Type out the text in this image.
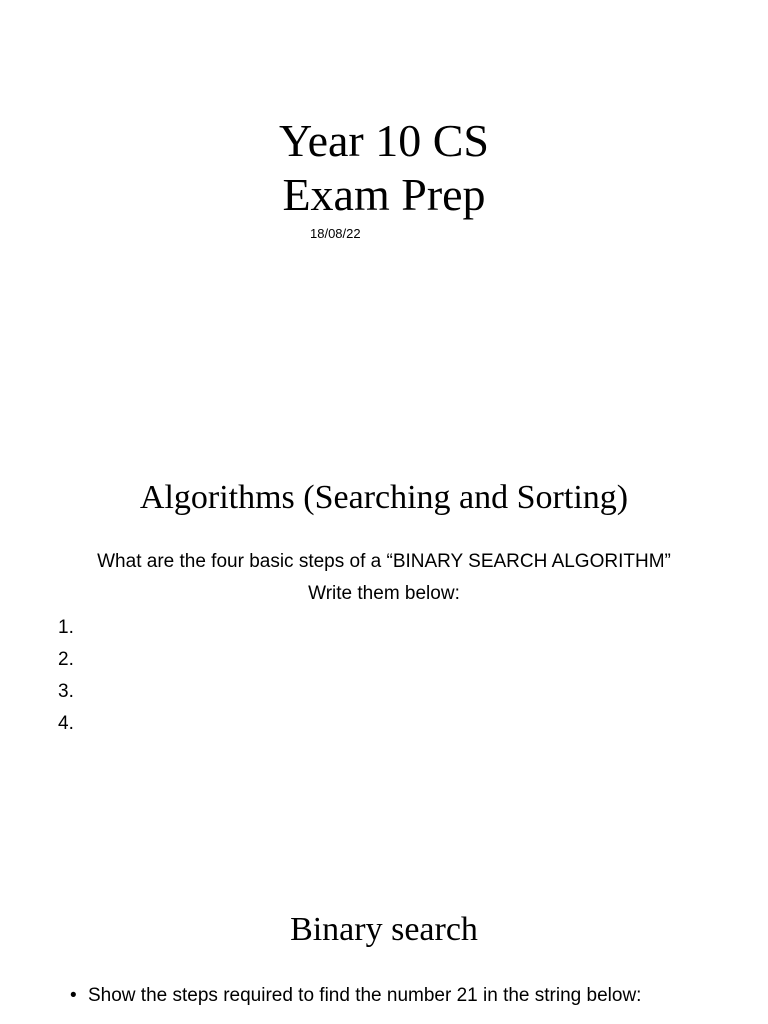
Year 10 CS
Exam Prep
18/08/22
Algorithms (Searching and Sorting)
What are the four basic steps of a “BINARY SEARCH ALGORITHM”
Write them below:
1.
2.
3.
4.
Binary search
• Show the steps required to find the number 21 in the string below:
